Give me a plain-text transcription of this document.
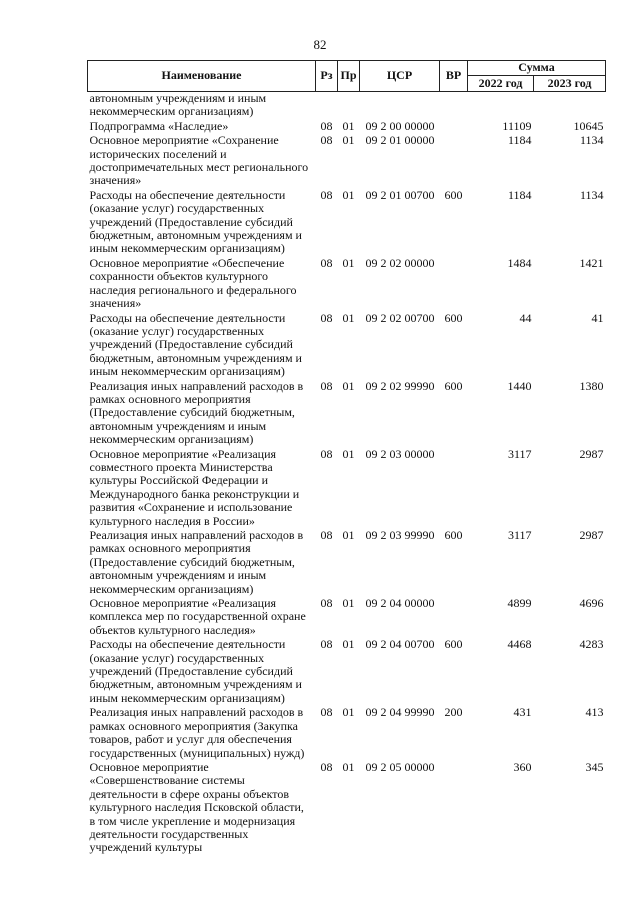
82
Наименование	Рз	Пр	ЦСР	ВР	Сумма	
					2022 год	2023 год
автономным учреждениям и иным некоммерческим организациям)						
Подпрограмма «Наследие»	08	01	09 2 00 00000		11109	10645
Основное мероприятие «Сохранение исторических поселений и достопримечательных мест регионального значения»	08	01	09 2 01 00000		1184	1134
Расходы на обеспечение деятельности (оказание услуг) государственных учреждений (Предоставление субсидий бюджетным, автономным учреждениям и иным некоммерческим организациям)	08	01	09 2 01 00700	600	1184	1134
Основное мероприятие «Обеспечение сохранности объектов культурного наследия регионального и федерального значения»	08	01	09 2 02 00000		1484	1421
Расходы на обеспечение деятельности (оказание услуг) государственных учреждений (Предоставление субсидий бюджетным, автономным учреждениям и иным некоммерческим организациям)	08	01	09 2 02 00700	600	44	41
Реализация иных направлений расходов в рамках основного мероприятия (Предоставление субсидий бюджетным, автономным учреждениям и иным некоммерческим организациям)	08	01	09 2 02 99990	600	1440	1380
Основное мероприятие «Реализация совместного проекта Министерства культуры Российской Федерации и Международного банка реконструкции и развития «Сохранение и использование культурного наследия в России»	08	01	09 2 03 00000		3117	2987
Реализация иных направлений расходов в рамках основного мероприятия (Предоставление субсидий бюджетным, автономным учреждениям и иным некоммерческим организациям)	08	01	09 2 03 99990	600	3117	2987
Основное мероприятие «Реализация комплекса мер по государственной охране объектов культурного наследия»	08	01	09 2 04 00000		4899	4696
Расходы на обеспечение деятельности (оказание услуг) государственных учреждений (Предоставление субсидий бюджетным, автономным учреждениям и иным некоммерческим организациям)	08	01	09 2 04 00700	600	4468	4283
Реализация иных направлений расходов в рамках основного мероприятия (Закупка товаров, работ и услуг для обеспечения государственных (муниципальных) нужд)	08	01	09 2 04 99990	200	431	413
Основное мероприятие «Совершенствование системы деятельности в сфере охраны объектов культурного наследия Псковской области, в том числе укрепление и модернизация деятельности государственных учреждений культуры	08	01	09 2 05 00000		360	345
